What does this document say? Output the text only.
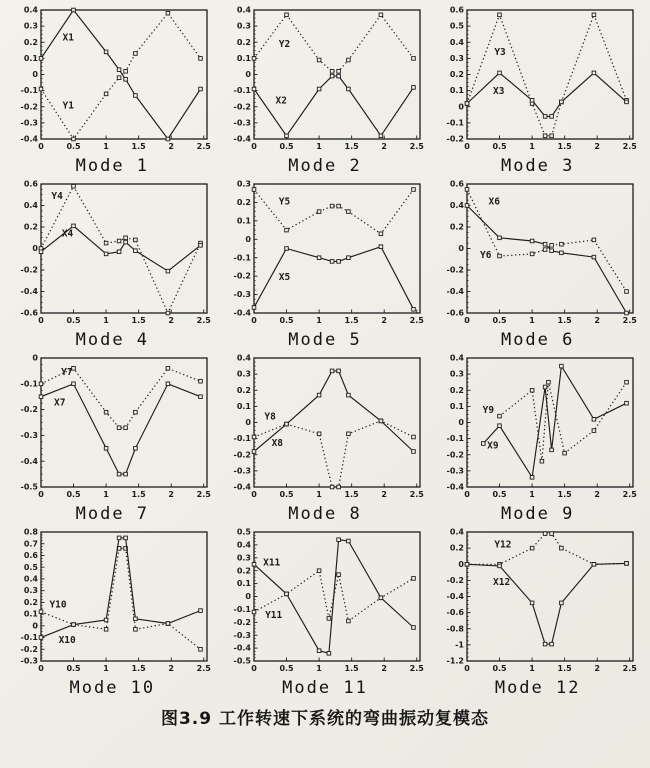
0.4
0.3
0.2
0.1
0
-0.1
-0.2
-0.3
-0.4
0	0.5	1	1.5	2	2.5
X1
Y1
Mode 1
0.4
0.3
0.2
0.1
0
-0.1
-0.2
-0.3
-0.4
0	0.5	1	1.5	2	2.5
Y2
X2
Mode 2
0.6
0.5
0.4
0.3
0.2
0.1
0
-0.1
-0.2
0	0.5	1	1.5	2	2.5
Y3
X3
Mode 3
0.6
0.4
0.2
0
-0.2
-0.4
-0.6
0	0.5	1	1.5	2	2.5
Y4
X4
Mode 4
0.3
0.2
0.1
0
-0.1
-0.2
-0.3
-0.4
0	0.5	1	1.5	2	2.5
Y5
X5
Mode 5
0.6
0.4
0.2
0
-0.2
-0.4
-0.6
0	0.5	1	1.5	2	2.5
X6
Y6
Mode 6
0
-0.1
-0.2
-0.3
-0.4
-0.5
0	0.5	1	1.5	2	2.5
Y7
X7
Mode 7
0.4
0.3
0.2
0.1
0
-0.1
-0.2
-0.3
-0.4
0	0.5	1	1.5	2	2.5
X8
Y8
Mode 8
0.4
0.3
0.2
0.1
0
-0.1
-0.2
-0.3
-0.4
0	0.5	1	1.5	2	2.5
X9
Y9
Mode 9
0.8
0.7
0.6
0.5
0.4
0.3
0.2
0.1
0
-0.1
-0.2
-0.3
0	0.5	1	1.5	2	2.5
Y10
X10
Mode 10
0.5
0.4
0.3
0.2
0.1
0
-0.1
-0.2
-0.3
-0.4
-0.5
0	0.5	1	1.5	2	2.5
X11
Y11
Mode 11
0.4
0.2
0
-0.2
-0.4
-0.6
-0.8
-1
-1.2
0	0.5	1	1.5	2	2.5
Y12
X12
Mode 12
图3.9 工作转速下系统的弯曲振动复模态
